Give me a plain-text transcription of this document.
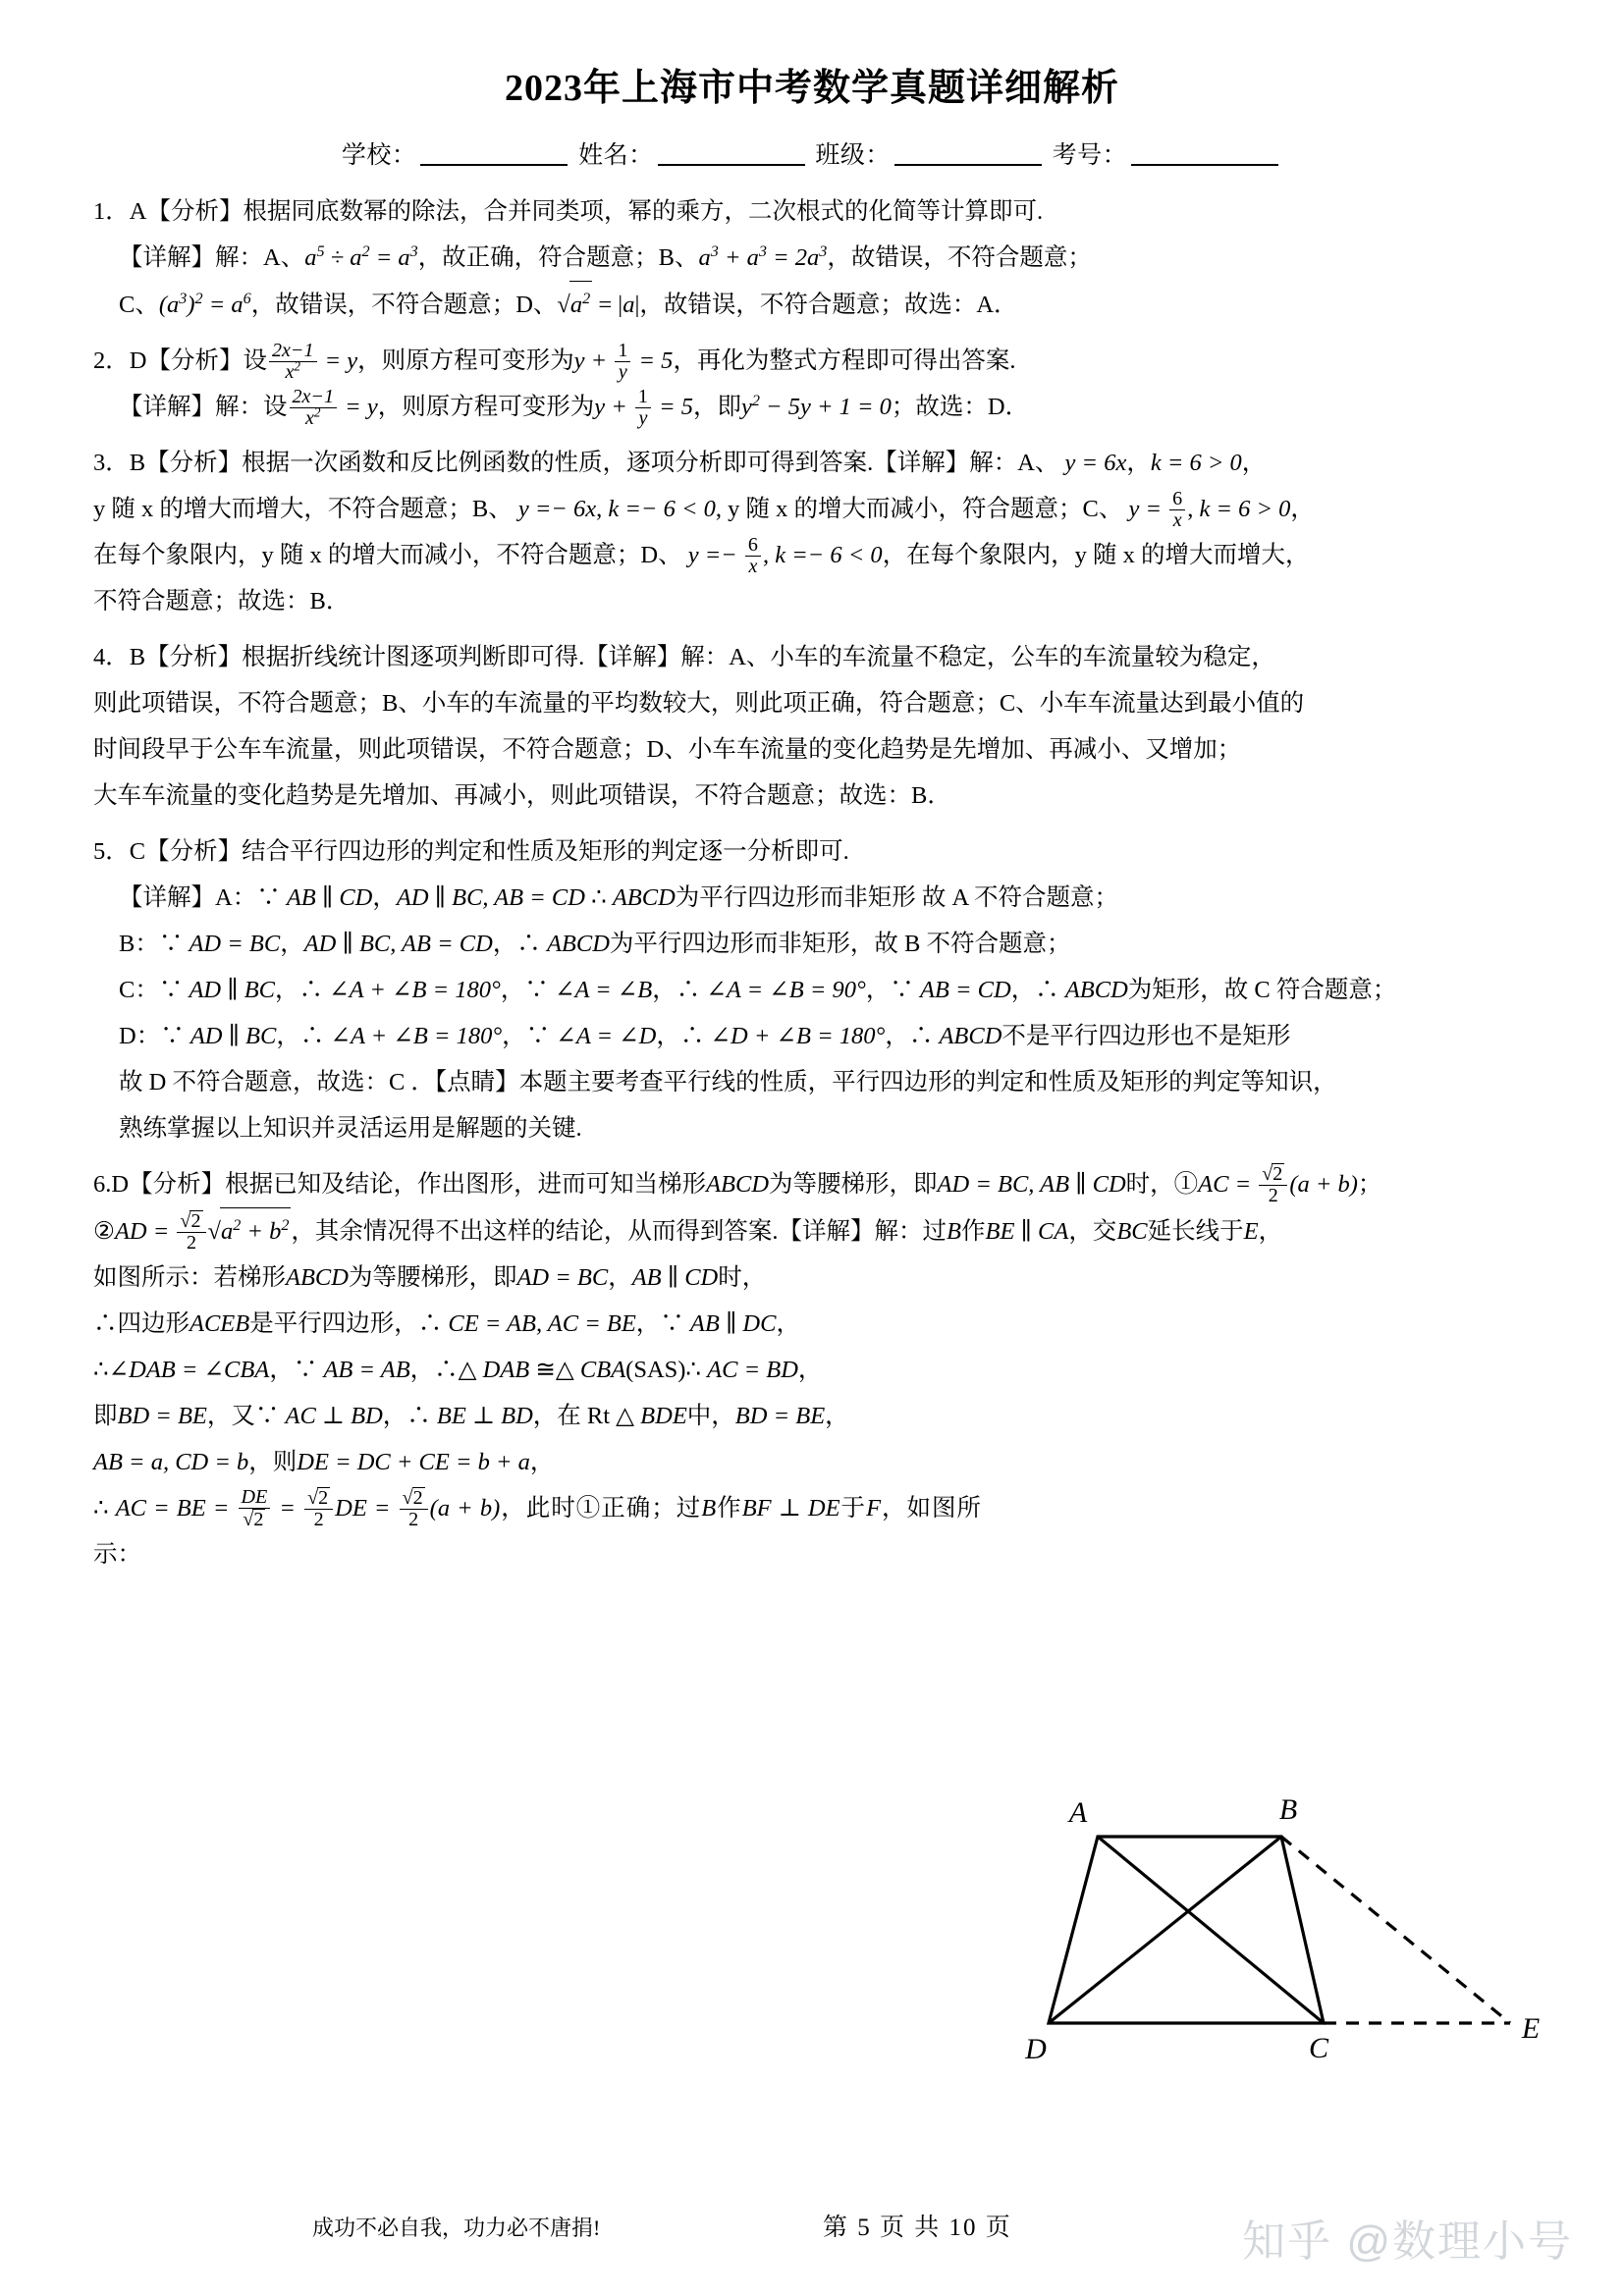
2023年上海市中考数学真题详细解析
学校：	姓名：	班级：	考号：

1．A【分析】根据同底数幂的除法，合并同类项，幂的乘方，二次根式的化简等计算即可.

【详解】解：A、$a^5 \div a^2 = a^3$，故正确，符合题意；B、$a^3 + a^3 = 2a^3$，故错误，不符合题意；

C、$(a^3)^2 = a^6$，故错误，不符合题意；D、$√a^2 = |a|$，故错误，不符合题意；故选：A．

2．D【分析】设 $\frac{2x-1}{x^2} = y$，则原方程可变形为$y + \frac{1}{y} = 5$，再化为整式方程即可得出答案.

【详解】解：设 $\frac{2x-1}{x^2} = y$，则原方程可变形为$y + \frac{1}{y} = 5$，即$y^2 - 5y + 1 = 0$；故选：D．

3．B【分析】根据一次函数和反比例函数的性质，逐项分析即可得到答案.【详解】解：A、 y = 6x，k = 6 > 0，

y 随 x 的增大而增大，不符合题意；B、 y =− 6x, k =− 6 < 0, y 随 x 的增大而减小，符合题意；C、 $y = \frac{6}{x}$ , k = 6 > 0，

在每个象限内，y 随 x 的增大而减小，不符合题意；D、 $y =- \frac{6}{x}$ , k =− 6 < 0，在每个象限内，y 随 x 的增大而增大，

不符合题意；故选：B．

4．B【分析】根据折线统计图逐项判断即可得.【详解】解：A、小车的车流量不稳定，公车的车流量较为稳定，

则此项错误，不符合题意；B、小车的车流量的平均数较大，则此项正确，符合题意；C、小车车流量达到最小值的

时间段早于公车车流量，则此项错误，不符合题意；D、小车车流量的变化趋势是先增加、再减小、又增加；

大车车流量的变化趋势是先增加、再减小，则此项错误，不符合题意；故选：B．

5．C【分析】结合平行四边形的判定和性质及矩形的判定逐一分析即可.

【详解】A：∵ AB ∥ CD，AD ∥ BC, AB = CD ∴ ABCD为平行四边形而非矩形 故 A 不符合题意；

B：∵ AD = BC，AD ∥ BC, AB = CD，∴ ABCD为平行四边形而非矩形，故 B 不符合题意；

C：∵ AD ∥ BC，∴ ∠A + ∠B = 180°，∵ ∠A = ∠B，∴ ∠A = ∠B = 90°，∵ AB = CD，∴ ABCD为矩形，故 C 符合题意；

D：∵ AD ∥ BC，∴ ∠A + ∠B = 180°，∵ ∠A = ∠D，∴ ∠D + ∠B = 180°，∴ ABCD不是平行四边形也不是矩形

故 D 不符合题意，故选：C ．【点睛】本题主要考查平行线的性质，平行四边形的判定和性质及矩形的判定等知识，

熟练掌握以上知识并灵活运用是解题的关键.

6.D【分析】根据已知及结论，作出图形，进而可知当梯形ABCD为等腰梯形，即AD = BC, AB ∥ CD时，①AC = $\frac{√2}{2} (a + b)$；

②AD = $\frac{√2}{2} √a^2 + b^2$，其余情况得不出这样的结论，从而得到答案.【详解】解：过B作BE ∥ CA，交BC延长线于E，

如图所示：若梯形ABCD为等腰梯形，即AD = BC，AB ∥ CD时，

∴四边形ACEB是平行四边形，∴ CE = AB, AC = BE，∵ AB ∥ DC，

∴∠DAB = ∠CBA，∵ AB = AB，∴△ DAB ≅△ CBA(SAS)∴ AC = BD，

即BD = BE，又∵ AC ⊥ BD，∴ BE ⊥ BD，在 Rt △ BDE中，BD = BE，

AB = a, CD = b，则DE = DC + CE = b + a，

∴ AC = BE = $\frac{DE}{√2} = \frac{√2}{2}$ DE = $\frac{√2}{2} (a + b)$，此时①正确；过B作BF ⊥ DE于F，如图所示：

A	B
C
D
E
成功不必自我，功力必不唐捐!	第 5 页 共 10 页	知乎 @数理小号
